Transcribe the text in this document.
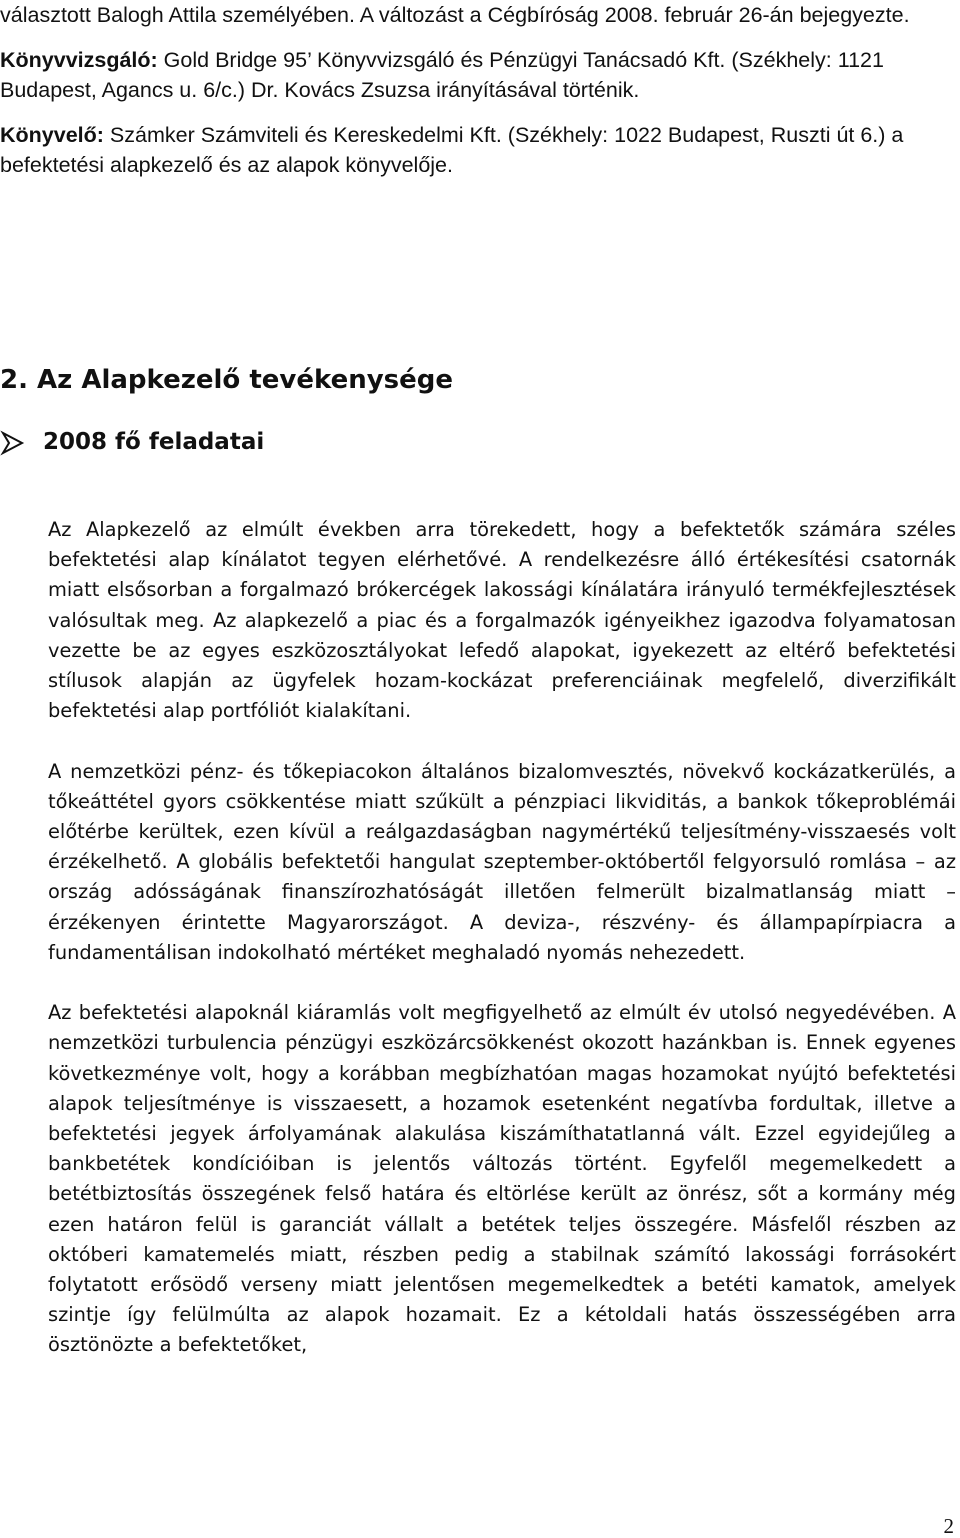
választott Balogh Attila személyében. A változást a Cégbíróság 2008. február 26-án bejegyezte.

Könyvvizsgáló: Gold Bridge 95’ Könyvvizsgáló és Pénzügyi Tanácsadó Kft. (Székhely: 1121 Budapest, Agancs u. 6/c.) Dr. Kovács Zsuzsa irányításával történik.

Könyvelő: Számker Számviteli és Kereskedelmi Kft. (Székhely: 1022 Budapest, Ruszti út 6.) a befektetési alapkezelő és az alapok könyvelője.

2. Az Alapkezelő tevékenysége
2008 fő feladatai

Az Alapkezelő az elmúlt években arra törekedett, hogy a befektetők számára széles befektetési alap kínálatot tegyen elérhetővé. A rendelkezésre álló értékesítési csatornák miatt elsősorban a forgalmazó brókercégek lakossági kínálatára irányuló termékfejlesztések valósultak meg. Az alapkezelő a piac és a forgalmazók igényeikhez igazodva folyamatosan vezette be az egyes eszközosztályokat lefedő alapokat, igyekezett az eltérő befektetési stílusok alapján az ügyfelek hozam-kockázat preferenciáinak megfelelő, diverzifikált befektetési alap portfóliót kialakítani.

A nemzetközi pénz- és tőkepiacokon általános bizalomvesztés, növekvő kockázatkerülés, a tőkeáttétel gyors csökkentése miatt szűkült a pénzpiaci likviditás, a bankok tőkeproblémái előtérbe kerültek, ezen kívül a reálgazdaságban nagymértékű teljesítmény-visszaesés volt érzékelhető. A globális befektetői hangulat szeptember-októbertől felgyorsuló romlása – az ország adósságának finanszírozhatóságát illetően felmerült bizalmatlanság miatt – érzékenyen érintette Magyarországot. A deviza-, részvény- és állampapírpiacra a fundamentálisan indokolható mértéket meghaladó nyomás nehezedett.

Az befektetési alapoknál kiáramlás volt megfigyelhető az elmúlt év utolsó negyedévében. A nemzetközi turbulencia pénzügyi eszközárcsökkenést okozott hazánkban is. Ennek egyenes következménye volt, hogy a korábban megbízhatóan magas hozamokat nyújtó befektetési alapok teljesítménye is visszaesett, a hozamok esetenként negatívba fordultak, illetve a befektetési jegyek árfolyamának alakulása kiszámíthatatlanná vált. Ezzel egyidejűleg a bankbetétek kondícióiban is jelentős változás történt. Egyfelől megemelkedett a betétbiztosítás összegének felső határa és eltörlése került az önrész, sőt a kormány még ezen határon felül is garanciát vállalt a betétek teljes összegére. Másfelől részben az októberi kamatemelés miatt, részben pedig a stabilnak számító lakossági forrásokért folytatott erősödő verseny miatt jelentősen megemelkedtek a betéti kamatok, amelyek szintje így felülmúlta az alapok hozamait. Ez a kétoldali hatás összességében arra ösztönözte a befektetőket,

2
